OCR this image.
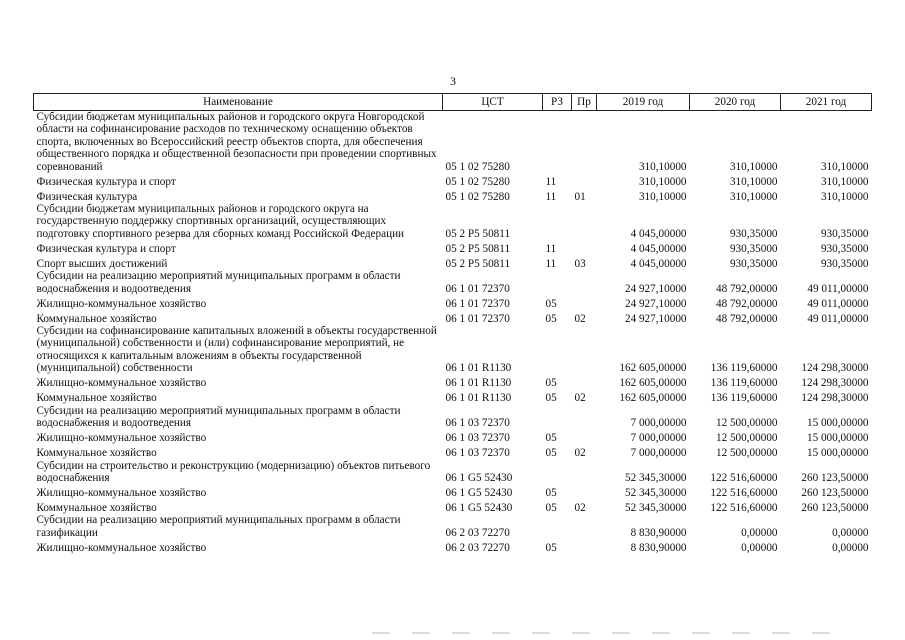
3
Наименование	ЦСТ	РЗ	Пр	2019 год	2020 год	2021 год
Субсидии бюджетам муниципальных районов и городского округа Новгородской области на софинансирование расходов по техническому оснащению объектов спорта, включенных во Всероссийский реестр объектов спорта, для обеспечения общественного порядка и общественной безопасности при проведении спортивных соревнований	05 1 02 75280			310,10000	310,10000	310,10000
Физическая культура и спорт	05 1 02 75280	11		310,10000	310,10000	310,10000
Физическая культура	05 1 02 75280	11	01	310,10000	310,10000	310,10000
Субсидии бюджетам муниципальных районов и городского округа на государственную поддержку спортивных организаций, осуществляющих подготовку спортивного резерва для сборных команд Российской Федерации	05 2 P5 50811			4 045,00000	930,35000	930,35000
Физическая культура и спорт	05 2 P5 50811	11		4 045,00000	930,35000	930,35000
Спорт высших достижений	05 2 P5 50811	11	03	4 045,00000	930,35000	930,35000
Субсидии на реализацию мероприятий муниципальных программ в области водоснабжения и водоотведения	06 1 01 72370			24 927,10000	48 792,00000	49 011,00000
Жилищно-коммунальное хозяйство	06 1 01 72370	05		24 927,10000	48 792,00000	49 011,00000
Коммунальное хозяйство	06 1 01 72370	05	02	24 927,10000	48 792,00000	49 011,00000
Субсидии на софинансирование капитальных вложений в объекты государственной (муниципальной) собственности и (или) софинансирование мероприятий, не относящихся к капитальным вложениям в объекты государственной (муниципальной) собственности	06 1 01 R1130			162 605,00000	136 119,60000	124 298,30000
Жилищно-коммунальное хозяйство	06 1 01 R1130	05		162 605,00000	136 119,60000	124 298,30000
Коммунальное хозяйство	06 1 01 R1130	05	02	162 605,00000	136 119,60000	124 298,30000
Субсидии на реализацию мероприятий муниципальных программ в области водоснабжения и водоотведения	06 1 03 72370			7 000,00000	12 500,00000	15 000,00000
Жилищно-коммунальное хозяйство	06 1 03 72370	05		7 000,00000	12 500,00000	15 000,00000
Коммунальное хозяйство	06 1 03 72370	05	02	7 000,00000	12 500,00000	15 000,00000
Субсидии на строительство и реконструкцию (модернизацию) объектов питьевого водоснабжения	06 1 G5 52430			52 345,30000	122 516,60000	260 123,50000
Жилищно-коммунальное хозяйство	06 1 G5 52430	05		52 345,30000	122 516,60000	260 123,50000
Коммунальное хозяйство	06 1 G5 52430	05	02	52 345,30000	122 516,60000	260 123,50000
Субсидии на реализацию мероприятий муниципальных программ в области газификации	06 2 03 72270			8 830,90000	0,00000	0,00000
Жилищно-коммунальное хозяйство	06 2 03 72270	05		8 830,90000	0,00000	0,00000
